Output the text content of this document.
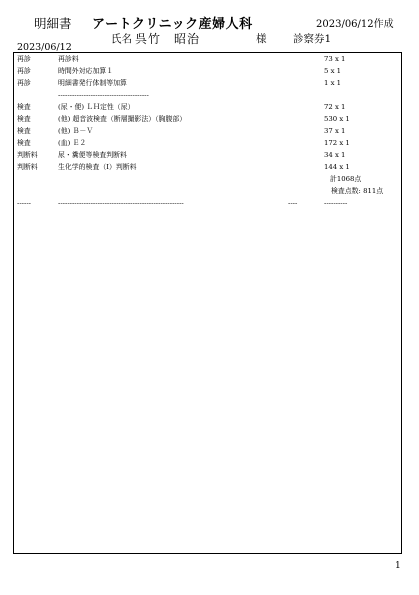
明細書 アートクリニック産婦人科	2023/06/12作成
氏名 呉竹　昭治	様	診察券1
2023/06/12
再診	再診料	73 x 1
再診	時間外対応加算１	5 x 1
再診	明細書発行体制等加算	1 x 1
---------------------------------------
検査	(尿・便) ＬＨ定性（尿）	72 x 1
検査	(他) 超音波検査（断層撮影法）（胸腹部）	530 x 1
検査	(他) Ｂ－Ｖ	37 x 1
検査	(血) Ｅ２	172 x 1
判断料	尿・糞便等検査判断料	34 x 1
判断料	生化学的検査（Ⅰ）判断料	144 x 1
計1068点
検査点数: 811点
------	------------------------------------------------------	----	----------
1
